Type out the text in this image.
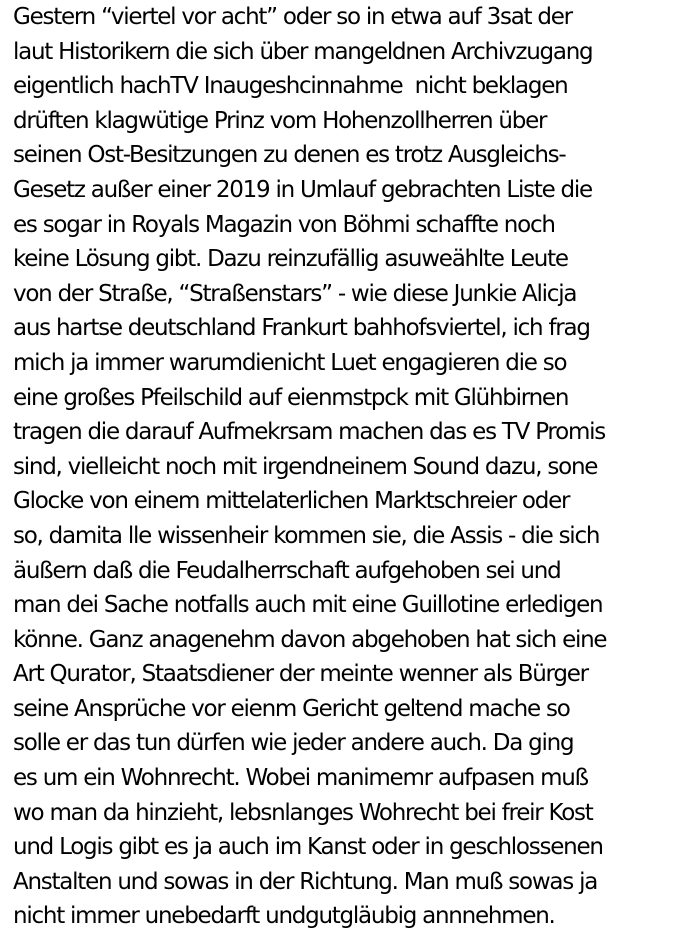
Gestern “viertel vor acht” oder so in etwa auf 3sat der
laut Historikern die sich über mangeldnen Archivzugang
eigentlich hachTV Inaugeshcinnahme  nicht beklagen
drüften klagwütige Prinz vom Hohenzollherren über
seinen Ost-Besitzungen zu denen es trotz Ausgleichs-
Gesetz außer einer 2019 in Umlauf gebrachten Liste die
es sogar in Royals Magazin von Böhmi schaffte noch
keine Lösung gibt. Dazu reinzufällig asuweählte Leute
von der Straße, “Straßenstars” - wie diese Junkie Alicja
aus hartse deutschland Frankurt bahhofsviertel, ich frag
mich ja immer warumdienicht Luet engagieren die so
eine großes Pfeilschild auf eienmstpck mit Glühbirnen
tragen die darauf Aufmekrsam machen das es TV Promis
sind, vielleicht noch mit irgendneinem Sound dazu, sone
Glocke von einem mittelaterlichen Marktschreier oder
so, damita lle wissenheir kommen sie, die Assis - die sich
äußern daß die Feudalherrschaft aufgehoben sei und
man dei Sache notfalls auch mit eine Guillotine erledigen
könne. Ganz anagenehm davon abgehoben hat sich eine
Art Qurator, Staatsdiener der meinte wenner als Bürger
seine Ansprüche vor eienm Gericht geltend mache so
solle er das tun dürfen wie jeder andere auch. Da ging
es um ein Wohnrecht. Wobei manimemr aufpasen muß
wo man da hinzieht, lebsnlanges Wohrecht bei freir Kost
und Logis gibt es ja auch im Kanst oder in geschlossenen
Anstalten und sowas in der Richtung. Man muß sowas ja
nicht immer unebedarft undgutgläubig annnehmen.
